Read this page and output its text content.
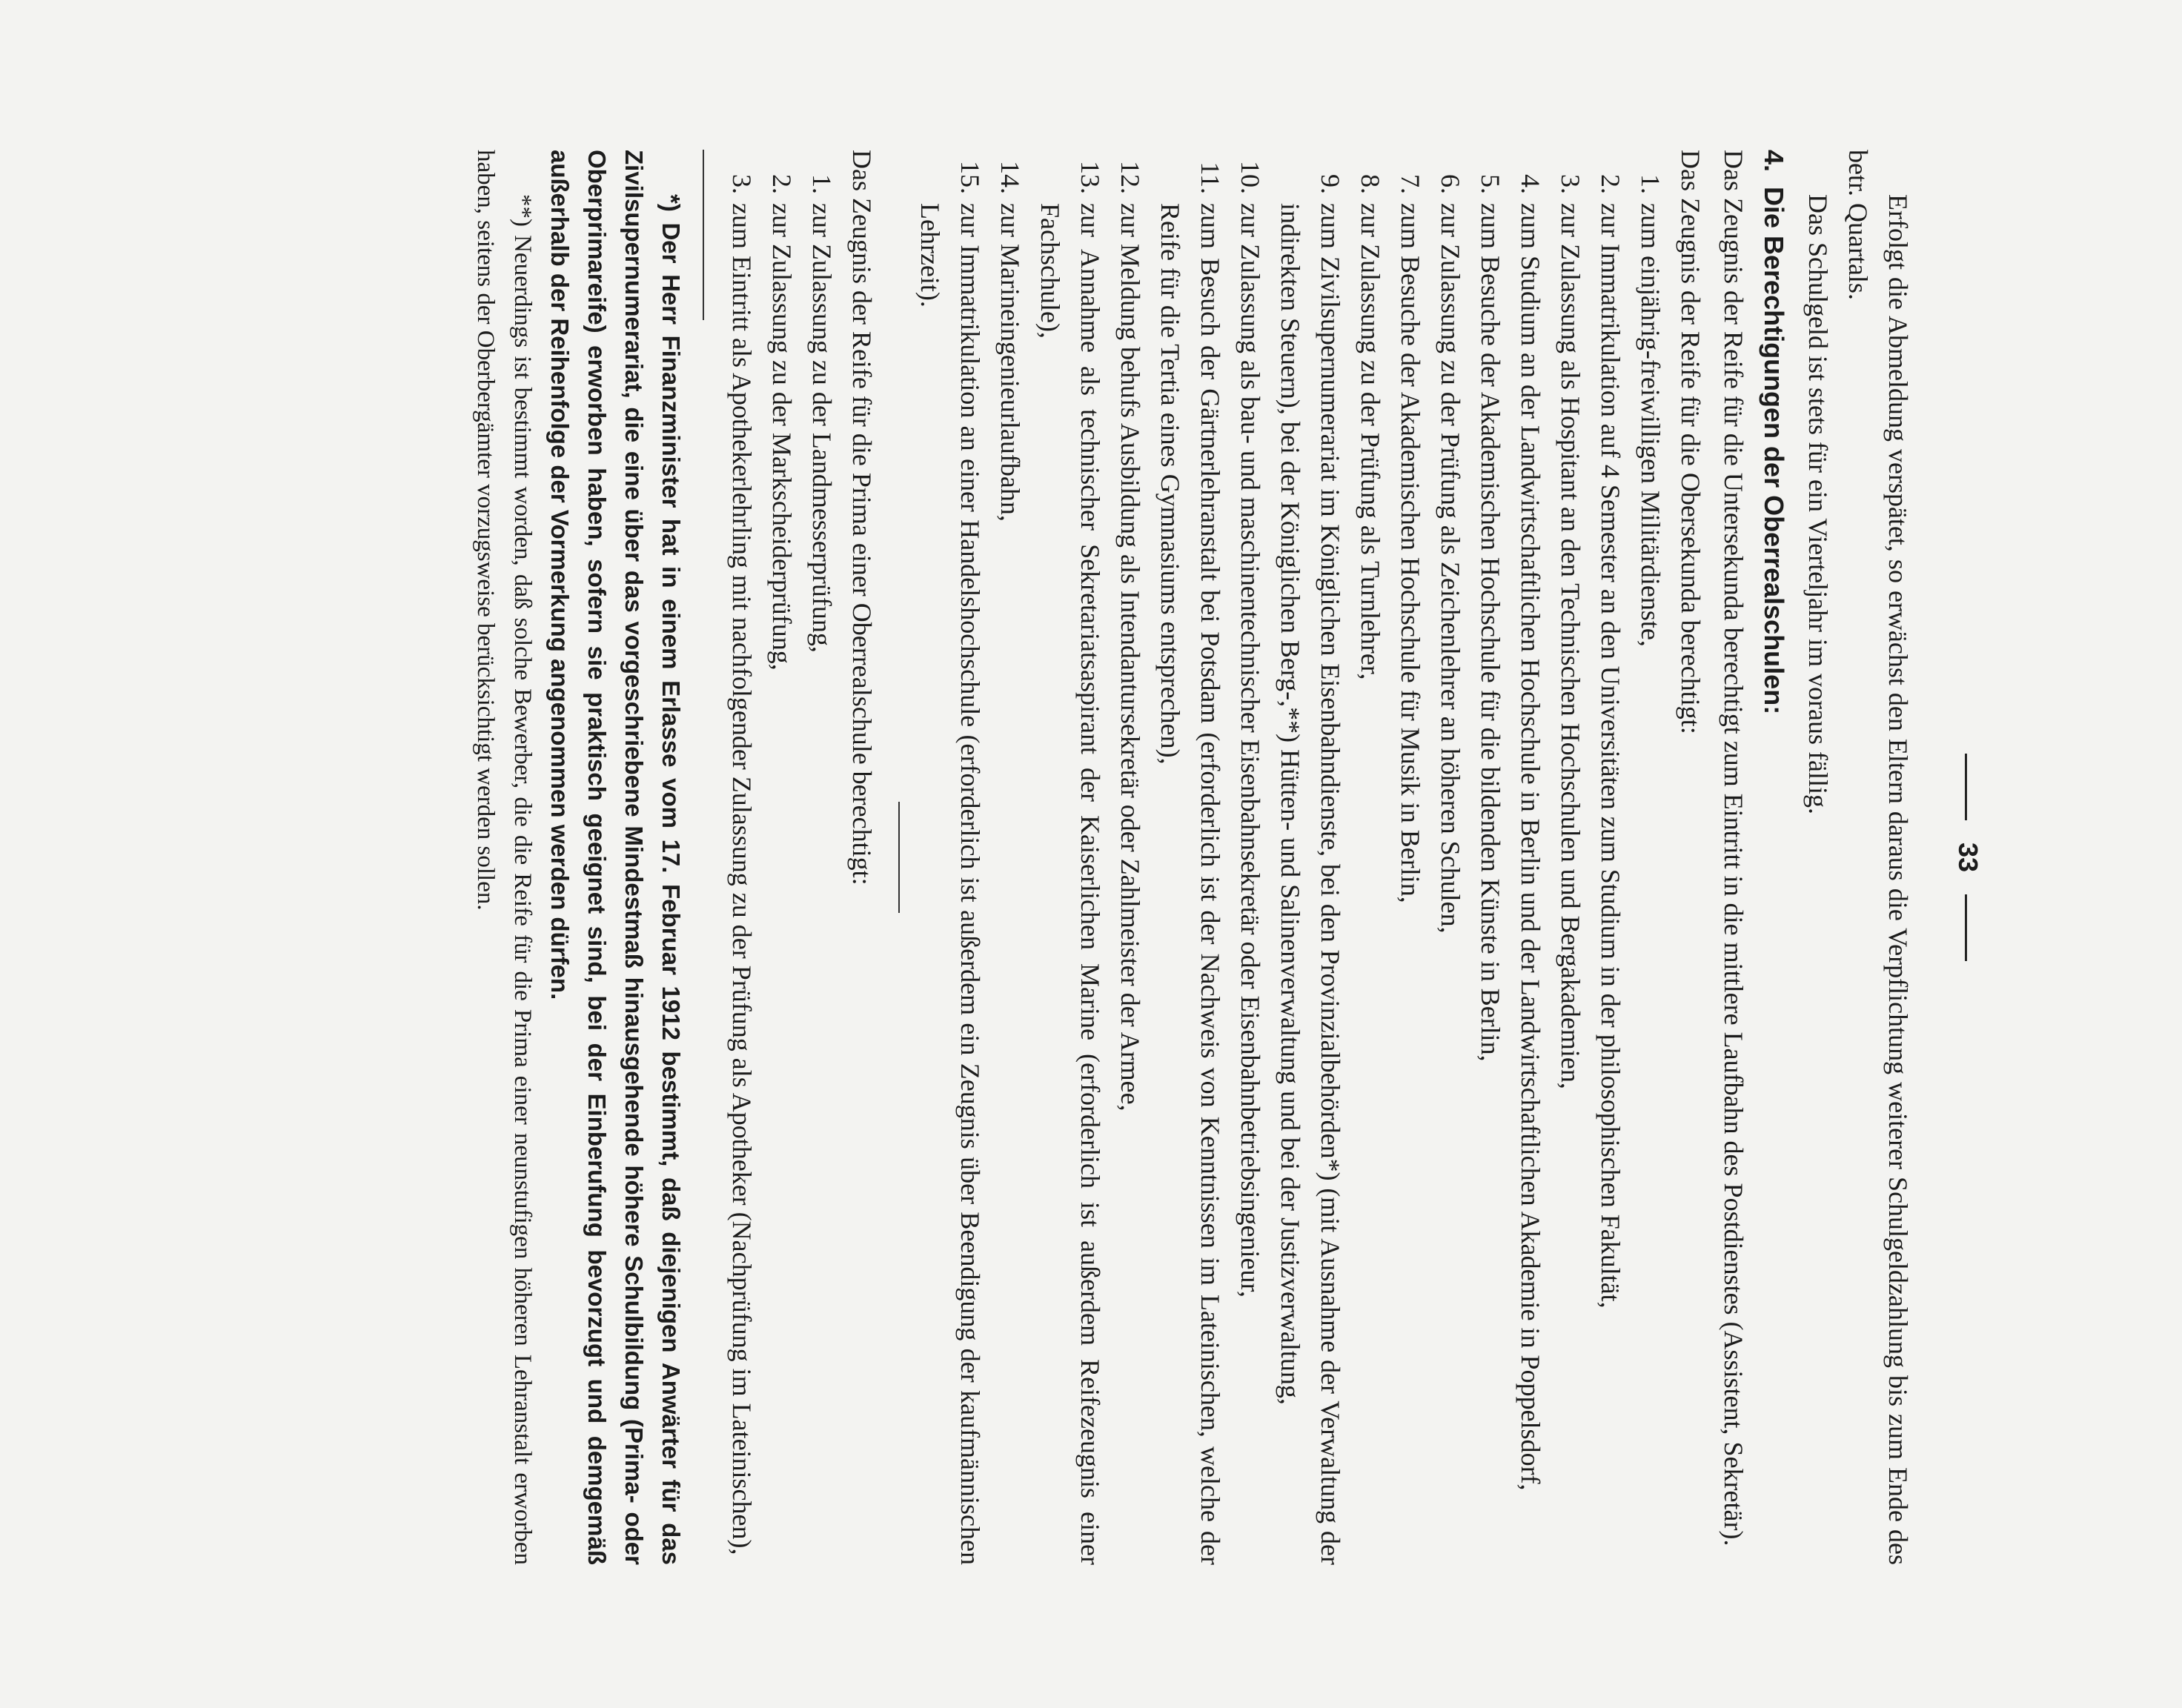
33

Erfolgt die Abmeldung verspätet, so erwächst den Eltern daraus die Verpflichtung weiterer Schulgeldzahlung bis zum Ende des betr. Quartals.

Das Schulgeld ist stets für ein Vierteljahr im voraus fällig.

4.
Die Berechtigungen der Oberrealschulen:

Das Zeugnis der Reife für die Untersekunda berechtigt zum Eintritt in die mittlere Laufbahn des Postdienstes (Assistent, Sekretär).

Das Zeugnis der Reife für die Obersekunda berechtigt:

1.
zum einjährig-freiwilligen Militärdienste,
2.
zur Immatrikulation auf 4 Semester an den Universitäten zum Studium in der philosophischen Fakultät,
3.
zur Zulassung als Hospitant an den Technischen Hochschulen und Bergakademien,
4.
zum Studium an der Landwirtschaftlichen Hochschule in Berlin und der Landwirtschaftlichen Akademie in Poppelsdorf,
5.
zum Besuche der Akademischen Hochschule für die bildenden Künste in Berlin,
6.
zur Zulassung zu der Prüfung als Zeichenlehrer an höheren Schulen,
7.
zum Besuche der Akademischen Hochschule für Musik in Berlin,
8.
zur Zulassung zu der Prüfung als Turnlehrer,
9.
zum Zivilsupernumerariat im Königlichen Eisenbahndienste, bei den Provinzialbehörden*) (mit Ausnahme der Verwaltung der indirekten Steuern), bei der Königlichen Berg-,**) Hütten- und Salinenverwaltung und bei der Justizverwaltung,
10.
zur Zulassung als bau- und maschinentechnischer Eisenbahnsekretär oder Eisenbahnbetriebsingenieur,
11.
zum Besuch der Gärtnerlehranstalt bei Potsdam (erforderlich ist der Nachweis von Kenntnissen im Lateinischen, welche der Reife für die Tertia eines Gymnasiums entsprechen),
12.
zur Meldung behufs Ausbildung als Intendantursekretär oder Zahlmeister der Armee,
13.
zur Annahme als technischer Sekretariatsaspirant der Kaiserlichen Marine (erforderlich ist außerdem Reifezeugnis einer Fachschule),
14.
zur Marineingenieurlaufbahn,
15.
zur Immatrikulation an einer Handelshochschule (erforderlich ist außerdem ein Zeugnis über Beendigung der kaufmännischen Lehrzeit).

Das Zeugnis der Reife für die Prima einer Oberrealschule berechtigt:

1.
zur Zulassung zu der Landmesserprüfung,
2.
zur Zulassung zu der Markscheiderprüfung,
3.
zum Eintritt als Apothekerlehrling mit nachfolgender Zulassung zu der Prüfung als Apotheker (Nachprüfung im Lateinischen),

*) Der Herr Finanzminister hat in einem Erlasse vom 17. Februar 1912 bestimmt, daß diejenigen Anwärter für das Zivilsupernumerariat, die eine über das vorgeschriebene Mindestmaß hinausgehende höhere Schulbildung (Prima- oder Oberprimareife) erworben haben, sofern sie praktisch geeignet sind, bei der Einberufung bevorzugt und demgemäß außerhalb der Reihenfolge der Vormerkung angenommen werden dürfen.

**) Neuerdings ist bestimmt worden, daß solche Bewerber, die die Reife für die Prima einer neunstufigen höheren Lehranstalt erworben haben, seitens der Oberbergämter vorzugsweise berücksichtigt werden sollen.
